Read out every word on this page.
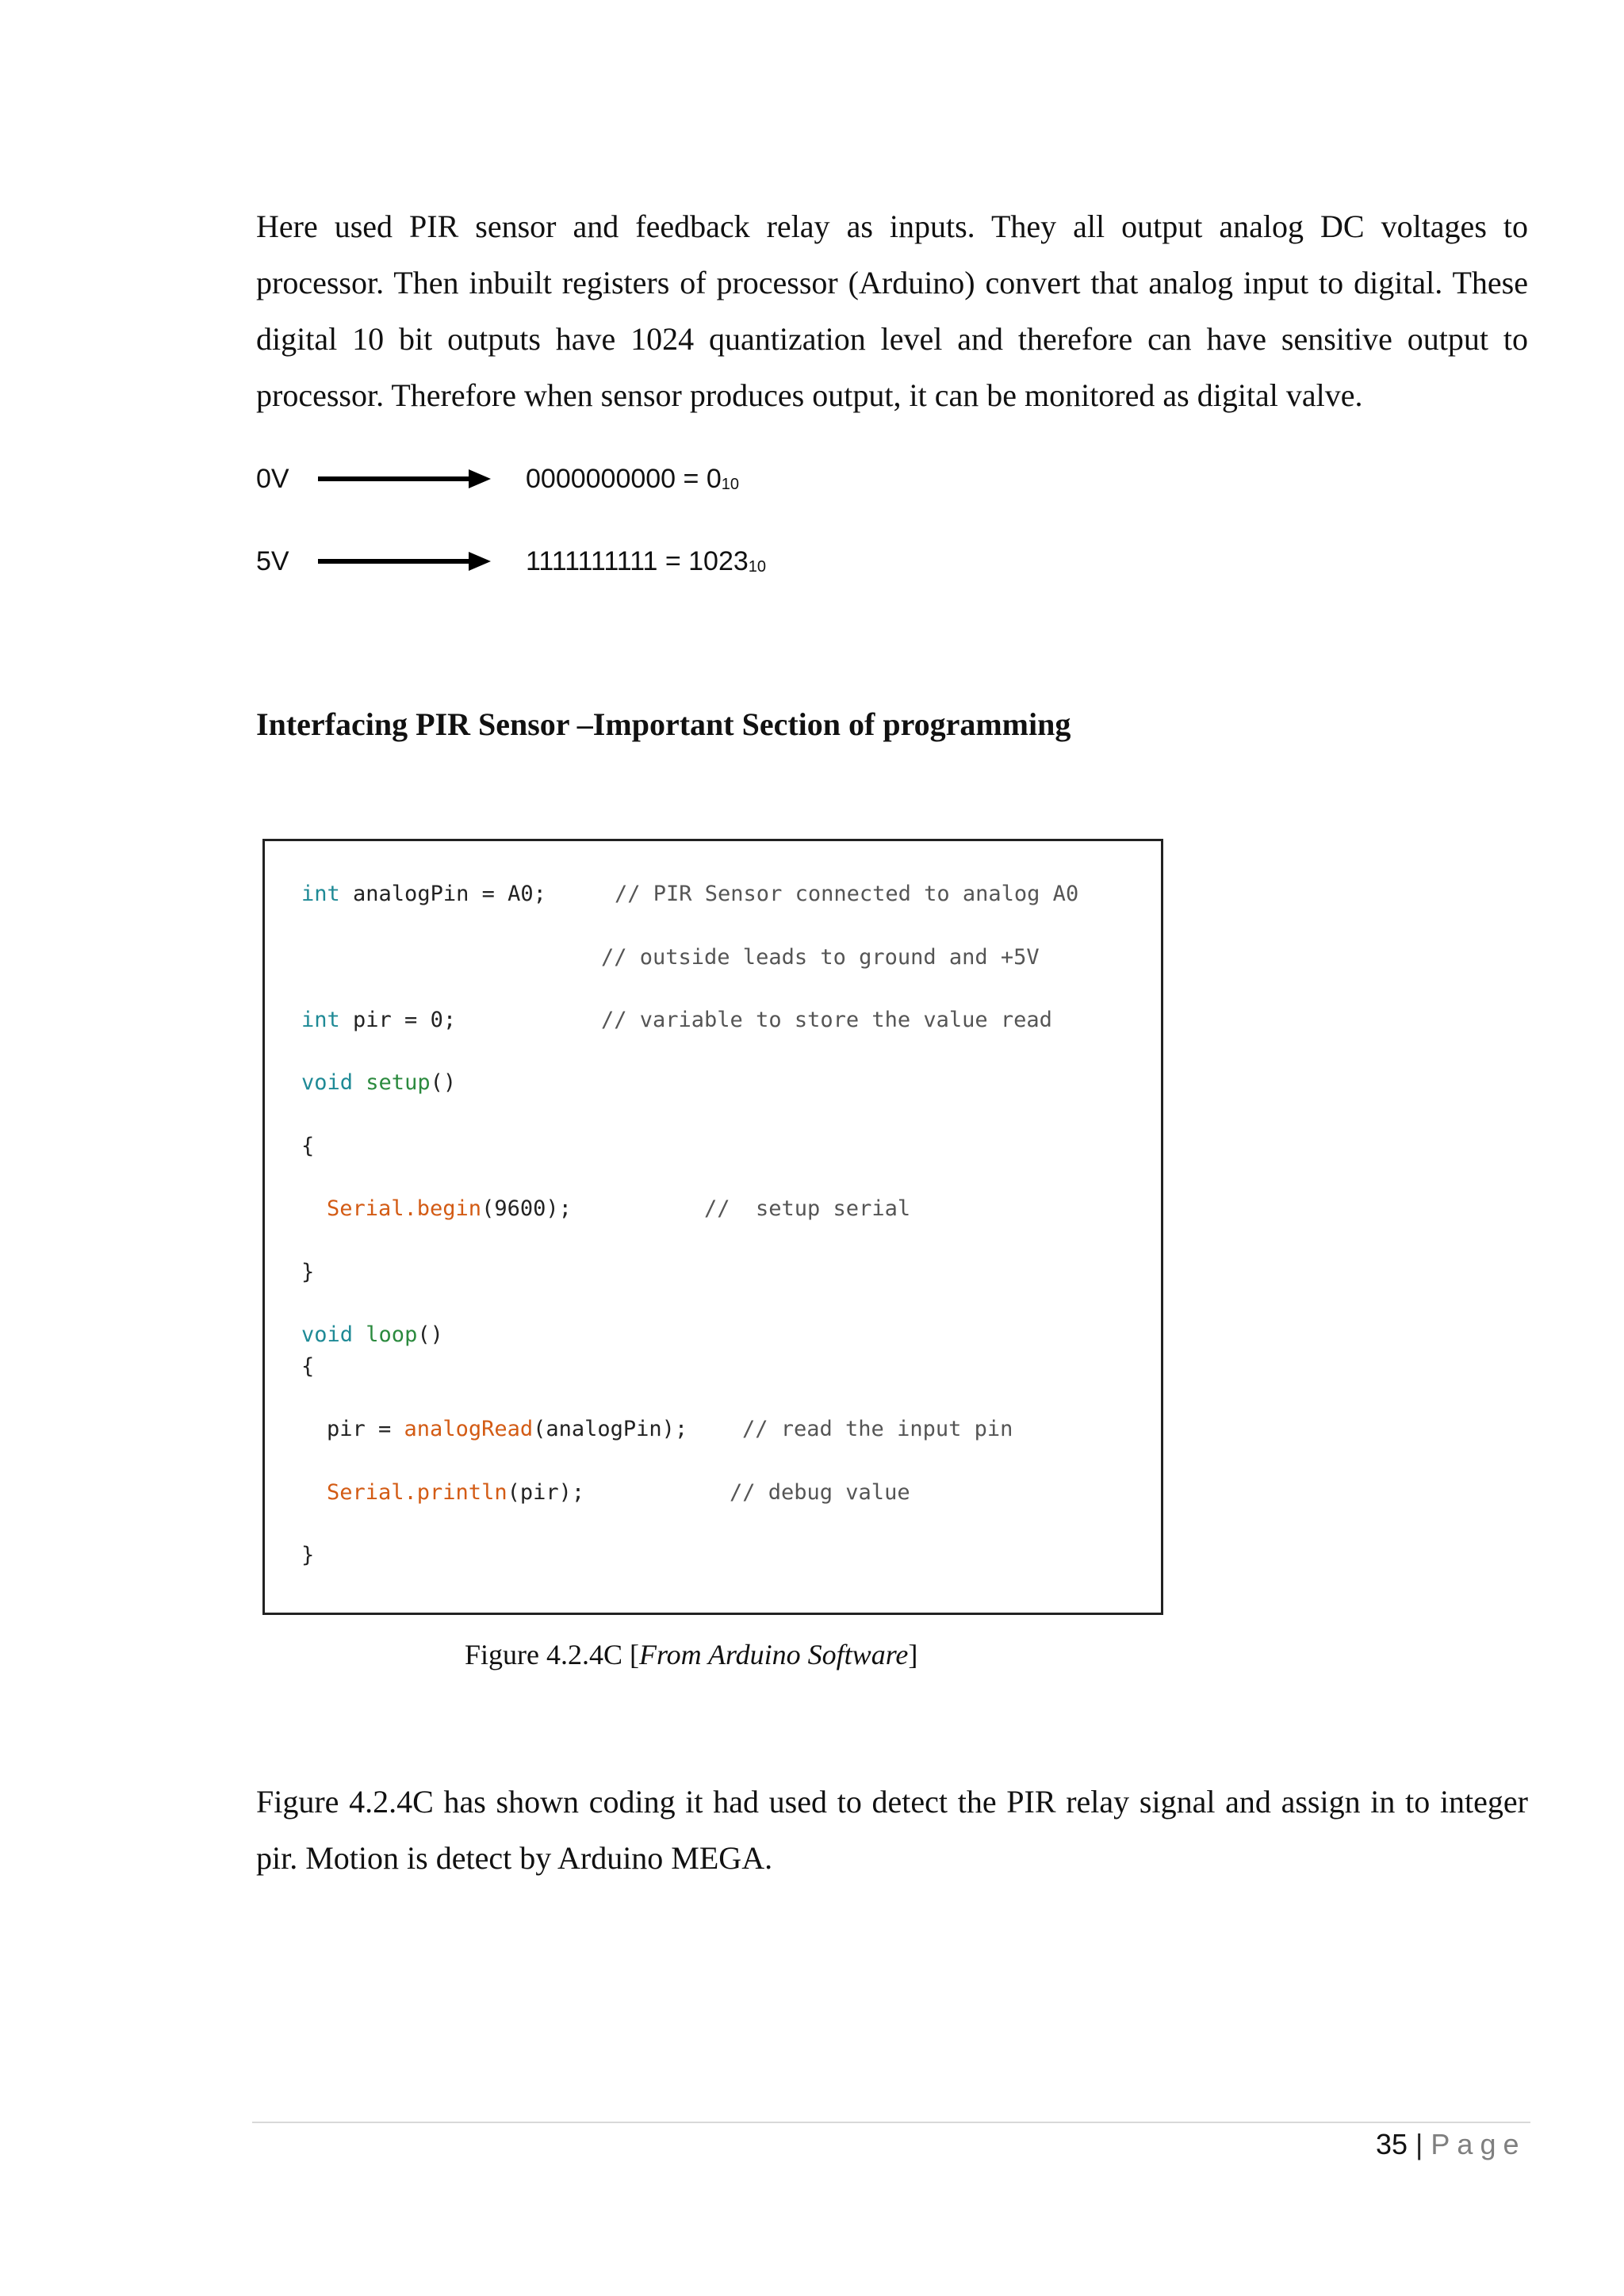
Here used PIR sensor and feedback relay as inputs. They all output analog DC voltages to processor. Then inbuilt registers of processor (Arduino) convert that analog input to digital. These digital 10 bit outputs have 1024 quantization level and therefore can have sensitive output to processor. Therefore when sensor produces output, it can be monitored as digital valve.

0V	$0000000000 = 0_{10}$
5V	$1111111111 = 1023_{10}$
Interfacing PIR Sensor –Important Section of programming
int analogPin = A0;	// PIR Sensor connected to analog A0
// outside leads to ground and +5V
int pir = 0;	// variable to store the value read
void setup()
{
Serial.begin(9600);	//  setup serial
}
void loop()
{
pir = analogRead(analogPin);	// read the input pin
Serial.println(pir);	// debug value
}

Figure 4.2.4C [From Arduino Software]

Figure 4.2.4C has shown coding it had used to detect the PIR relay signal and assign in to integer pir. Motion is detect by Arduino MEGA.

35 | Page
